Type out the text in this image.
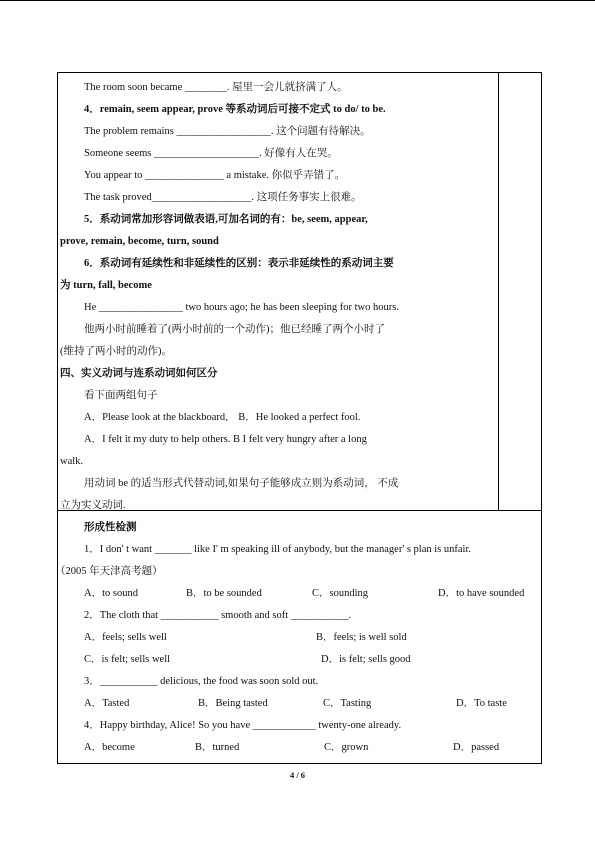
The room soon became ________. 屋里一会儿就挤满了人。
4．remain, seem appear, prove 等系动词后可接不定式 to do/ to be.
The problem remains __________________. 这个问题有待解决。
Someone seems ____________________. 好像有人在哭。
You appear to _______________ a mistake. 你似乎弄错了。
The task proved___________________. 这项任务事实上很难。
5．系动词常加形容词做表语,可加名词的有：be, seem, appear,
prove, remain, become, turn, sound
6．系动词有延续性和非延续性的区别：表示非延续性的系动词主要
为 turn, fall, become
He ________________ two hours ago; he has been sleeping for two hours.
他两小时前睡着了(两小时前的一个动作)；他已经睡了两个小时了
(维持了两小时的动作)。
四、实义动词与连系动词如何区分
看下面两组句子
A．Please look at the blackboard． B．He looked a perfect fool.
A．I felt it my duty to help others. B I felt very hungry after a long
walk.
用动词 be 的适当形式代替动词,如果句子能够成立则为系动词， 不成
立为实义动词.
形成性检测
1．I don' t want _______ like I' m speaking ill of anybody, but the manager' s plan is unfair.
（2005 年天津高考题）
A．to sound	B．to be sounded	C．sounding	D．to have sounded
2．The cloth that ___________ smooth and soft ___________.
A．feels; sells well	B．feels; is well sold
C．is felt; sells well	D．is felt; sells good
3．___________ delicious, the food was soon sold out.
A．Tasted	B．Being tasted	C．Tasting	D．To taste
4．Happy birthday, Alice! So you have ____________ twenty-one already.
A．become	B．turned	C．grown	D．passed
4 / 6
